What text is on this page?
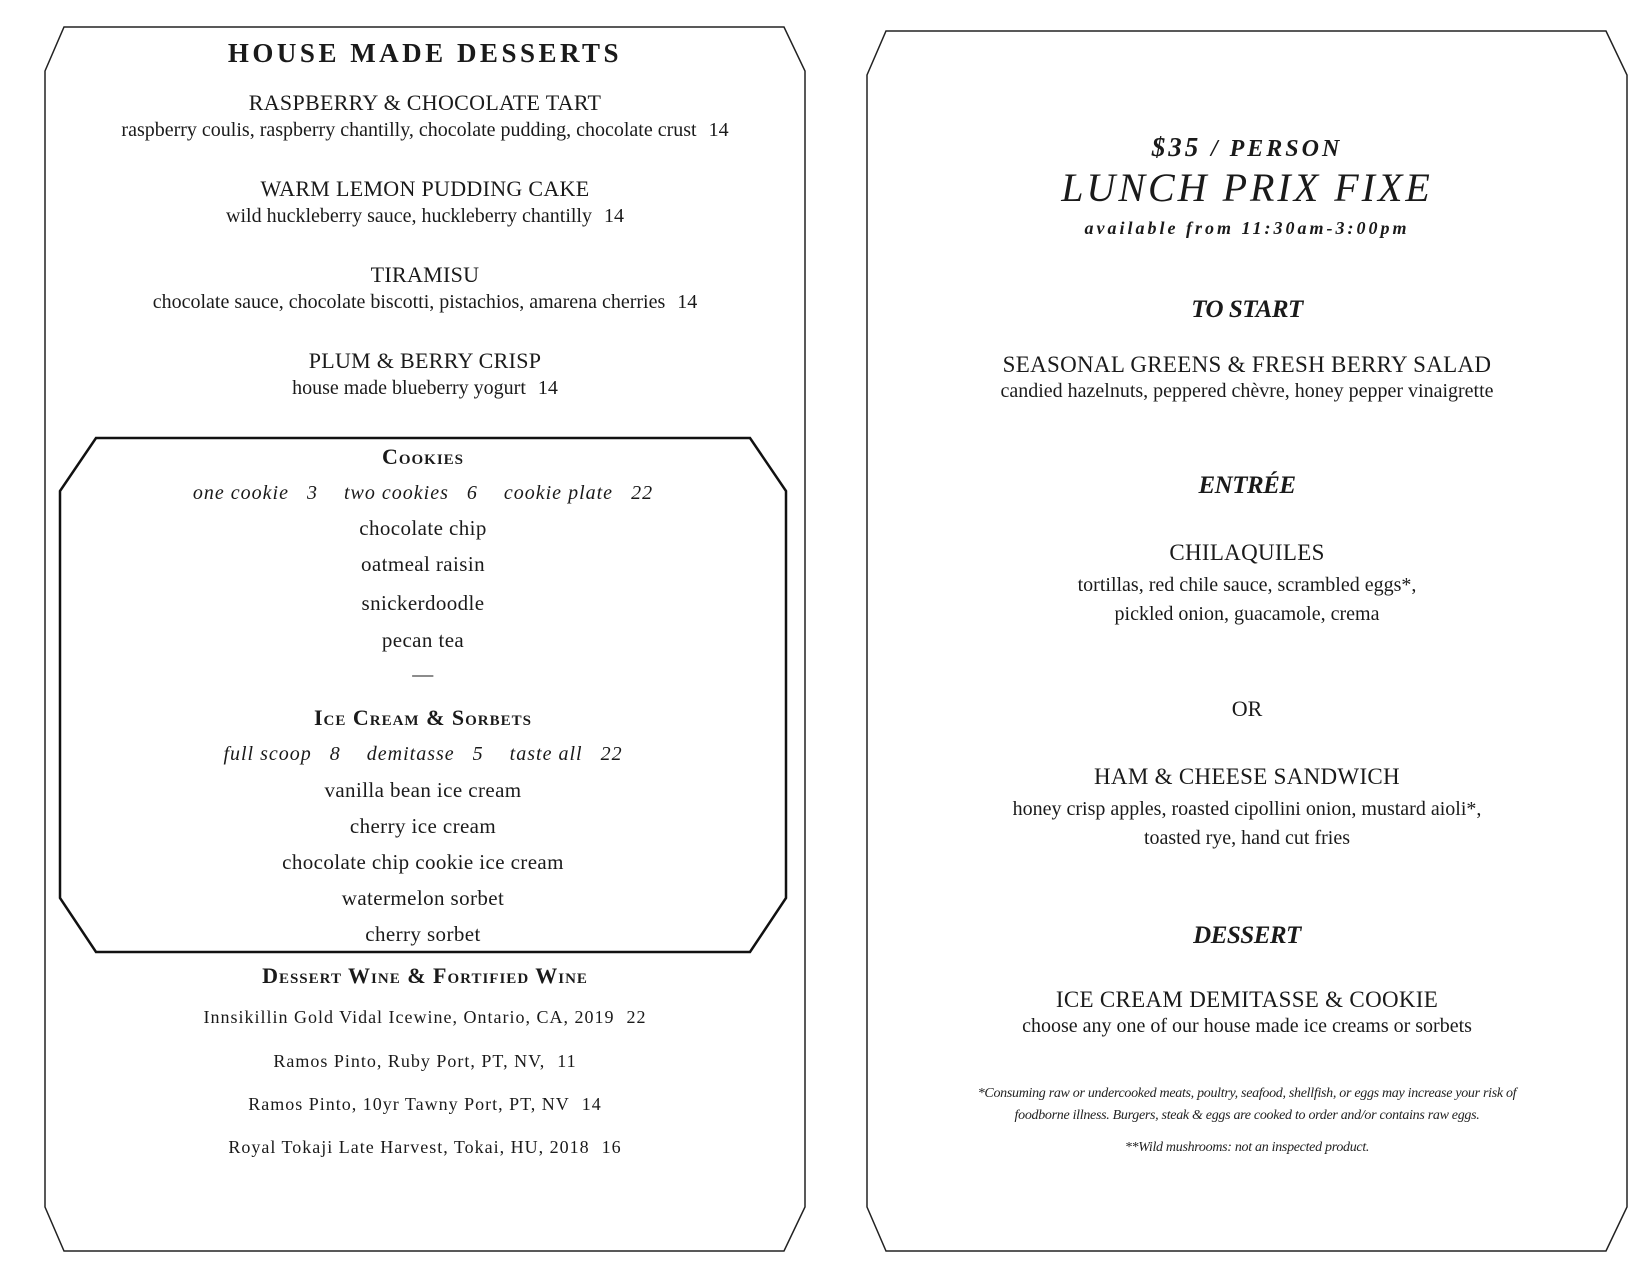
HOUSE MADE DESSERTS
RASPBERRY & CHOCOLATE TART
raspberry coulis, raspberry chantilly, chocolate pudding, chocolate crust 14
WARM LEMON PUDDING CAKE
wild huckleberry sauce, huckleberry chantilly 14
TIRAMISU
chocolate sauce, chocolate biscotti, pistachios, amarena cherries 14
PLUM & BERRY CRISP
house made blueberry yogurt 14
Cookies
one cookie 3 two cookies 6 cookie plate 22
chocolate chip
oatmeal raisin
snickerdoodle
pecan tea
—
Ice Cream & Sorbets
full scoop 8 demitasse 5 taste all 22
vanilla bean ice cream
cherry ice cream
chocolate chip cookie ice cream
watermelon sorbet
cherry sorbet
Dessert Wine & Fortified Wine
Innsikillin Gold Vidal Icewine, Ontario, CA, 2019 22
Ramos Pinto, Ruby Port, PT, NV, 11
Ramos Pinto, 10yr Tawny Port, PT, NV 14
Royal Tokaji Late Harvest, Tokai, HU, 2018 16
$35 / PERSON
LUNCH PRIX FIXE
available from 11:30am-3:00pm
TO START
SEASONAL GREENS & FRESH BERRY SALAD
candied hazelnuts, peppered chèvre, honey pepper vinaigrette
ENTRÉE
CHILAQUILES
tortillas, red chile sauce, scrambled eggs*,
pickled onion, guacamole, crema
OR
HAM & CHEESE SANDWICH
honey crisp apples, roasted cipollini onion, mustard aioli*,
toasted rye, hand cut fries
DESSERT
ICE CREAM DEMITASSE & COOKIE
choose any one of our house made ice creams or sorbets
*Consuming raw or undercooked meats, poultry, seafood, shellfish, or eggs may increase your risk of
foodborne illness. Burgers, steak & eggs are cooked to order and/or contains raw eggs.
**Wild mushrooms: not an inspected product.
